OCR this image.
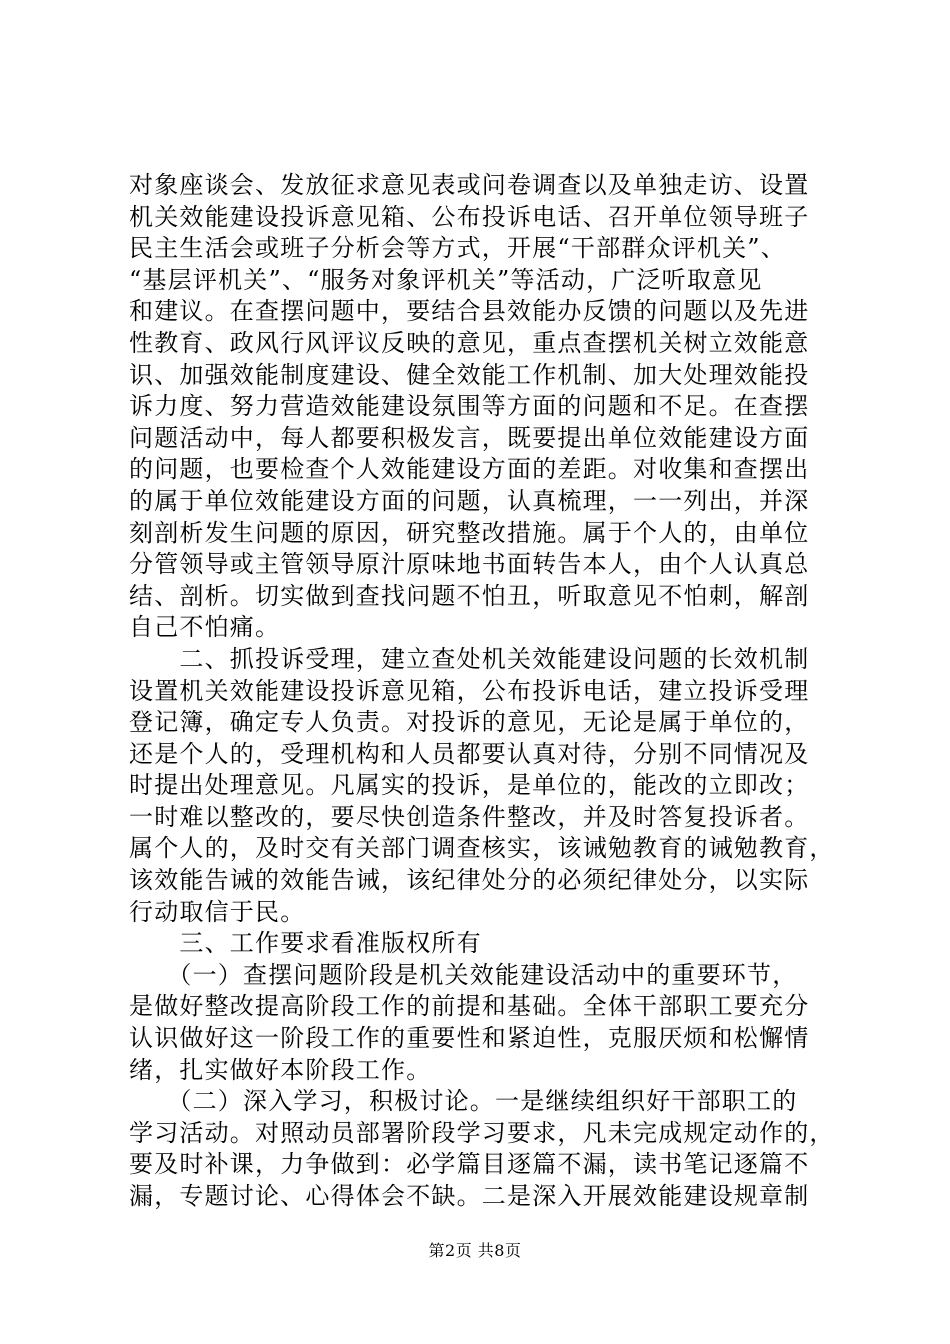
对象座谈会、发放征求意见表或问卷调查以及单独走访、设置
机关效能建设投诉意见箱、公布投诉电话、召开单位领导班子
民主生活会或班子分析会等方式，开展“干部群众评机关”、
“基层评机关”、“服务对象评机关”等活动，广泛听取意见
和建议。在查摆问题中，要结合县效能办反馈的问题以及先进
性教育、政风行风评议反映的意见，重点查摆机关树立效能意
识、加强效能制度建设、健全效能工作机制、加大处理效能投
诉力度、努力营造效能建设氛围等方面的问题和不足。在查摆
问题活动中，每人都要积极发言，既要提出单位效能建设方面
的问题，也要检查个人效能建设方面的差距。对收集和查摆出
的属于单位效能建设方面的问题，认真梳理，一一列出，并深
刻剖析发生问题的原因，研究整改措施。属于个人的，由单位
分管领导或主管领导原汁原味地书面转告本人，由个人认真总
结、剖析。切实做到查找问题不怕丑，听取意见不怕刺，解剖
自己不怕痛。
　　二、抓投诉受理，建立查处机关效能建设问题的长效机制
设置机关效能建设投诉意见箱，公布投诉电话，建立投诉受理
登记簿，确定专人负责。对投诉的意见，无论是属于单位的，
还是个人的，受理机构和人员都要认真对待，分别不同情况及
时提出处理意见。凡属实的投诉，是单位的，能改的立即改；
一时难以整改的，要尽快创造条件整改，并及时答复投诉者。
属个人的，及时交有关部门调查核实，该诫勉教育的诫勉教育，
该效能告诫的效能告诫，该纪律处分的必须纪律处分，以实际
行动取信于民。
　　三、工作要求看准版权所有
　　（一）查摆问题阶段是机关效能建设活动中的重要环节，
是做好整改提高阶段工作的前提和基础。全体干部职工要充分
认识做好这一阶段工作的重要性和紧迫性，克服厌烦和松懈情
绪，扎实做好本阶段工作。
　　（二）深入学习，积极讨论。一是继续组织好干部职工的
学习活动。对照动员部署阶段学习要求，凡未完成规定动作的，
要及时补课，力争做到：必学篇目逐篇不漏，读书笔记逐篇不
漏，专题讨论、心得体会不缺。二是深入开展效能建设规章制
第2页 共8页
